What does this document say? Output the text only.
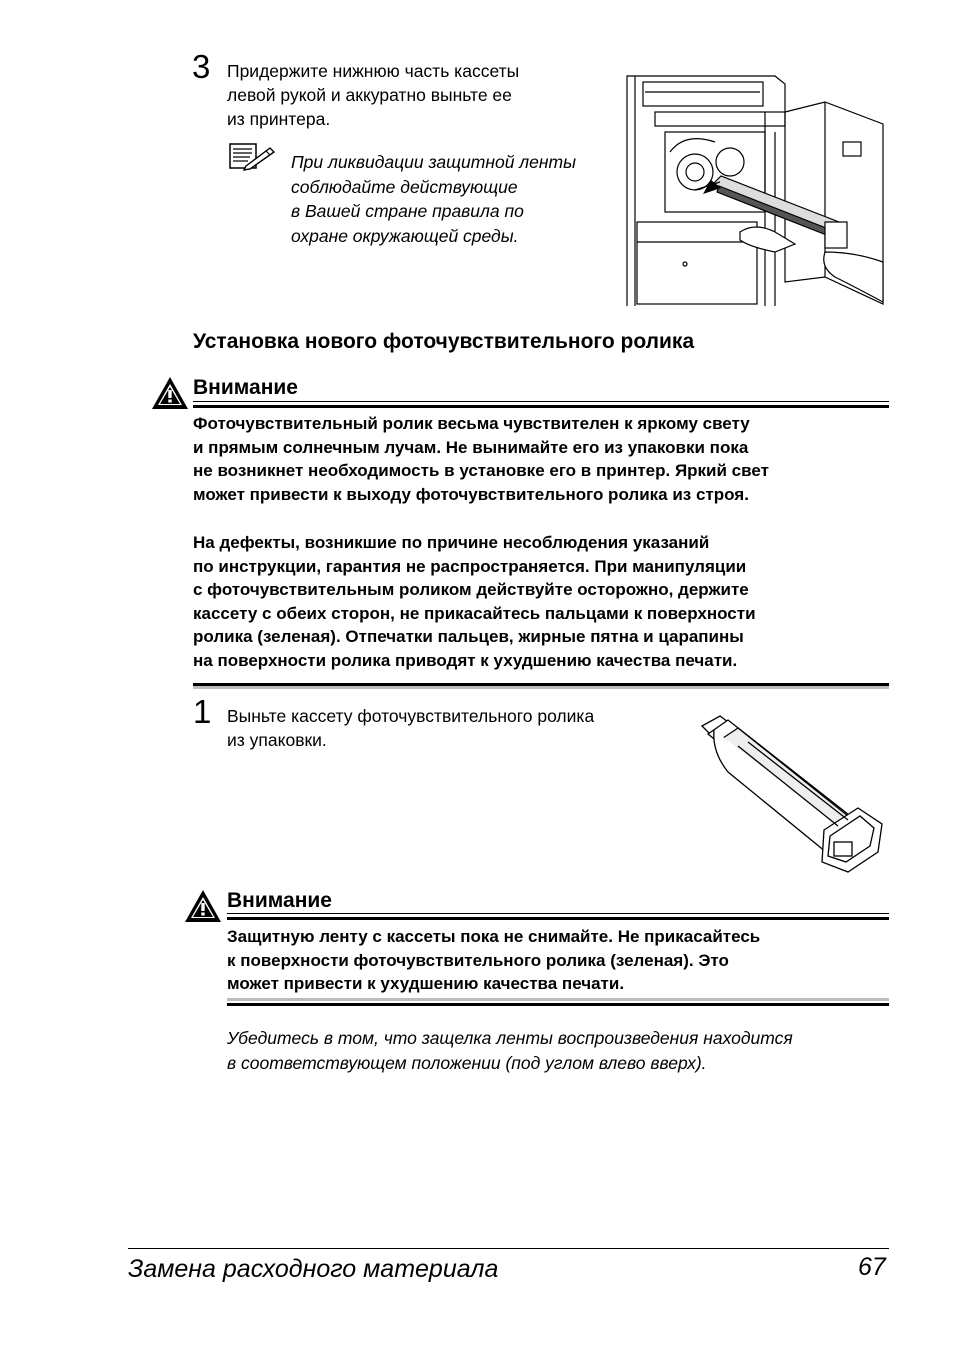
3 Придержите нижнюю часть кассеты
левой рукой и аккуратно выньте ее
из принтера.
При ликвидации защитной ленты
соблюдайте действующие
в Вашей стране правила по
охране окружающей среды.
Установка нового фоточувствительного ролика
Внимание
Фоточувствительный ролик весьма чувствителен к яркому свету
и прямым солнечным лучам. Не вынимайте его из упаковки пока
не возникнет необходимость в установке его в принтер. Яркий свет
может привести к выходу фоточувствительного ролика из строя.
На дефекты, возникшие по причине несоблюдения указаний
по инструкции, гарантия не распространяется. При манипуляции
с фоточувствительным роликом действуйте осторожно, держите
кассету с обеих сторон, не прикасайтесь пальцами к поверхности
ролика (зеленая). Отпечатки пальцев, жирные пятна и царапины
на поверхности ролика приводят к ухудшению качества печати.
1 Выньте кассету фоточувствительного ролика
из упаковки.
Внимание
Защитную ленту с кассеты пока не снимайте. Не прикасайтесь
к поверхности фоточувствительного ролика (зеленая). Это
может привести к ухудшению качества печати.
Убедитесь в том, что защелка ленты воспроизведения находится
в соответствующем положении (под углом влево вверх).
Замена расходного материала	67
